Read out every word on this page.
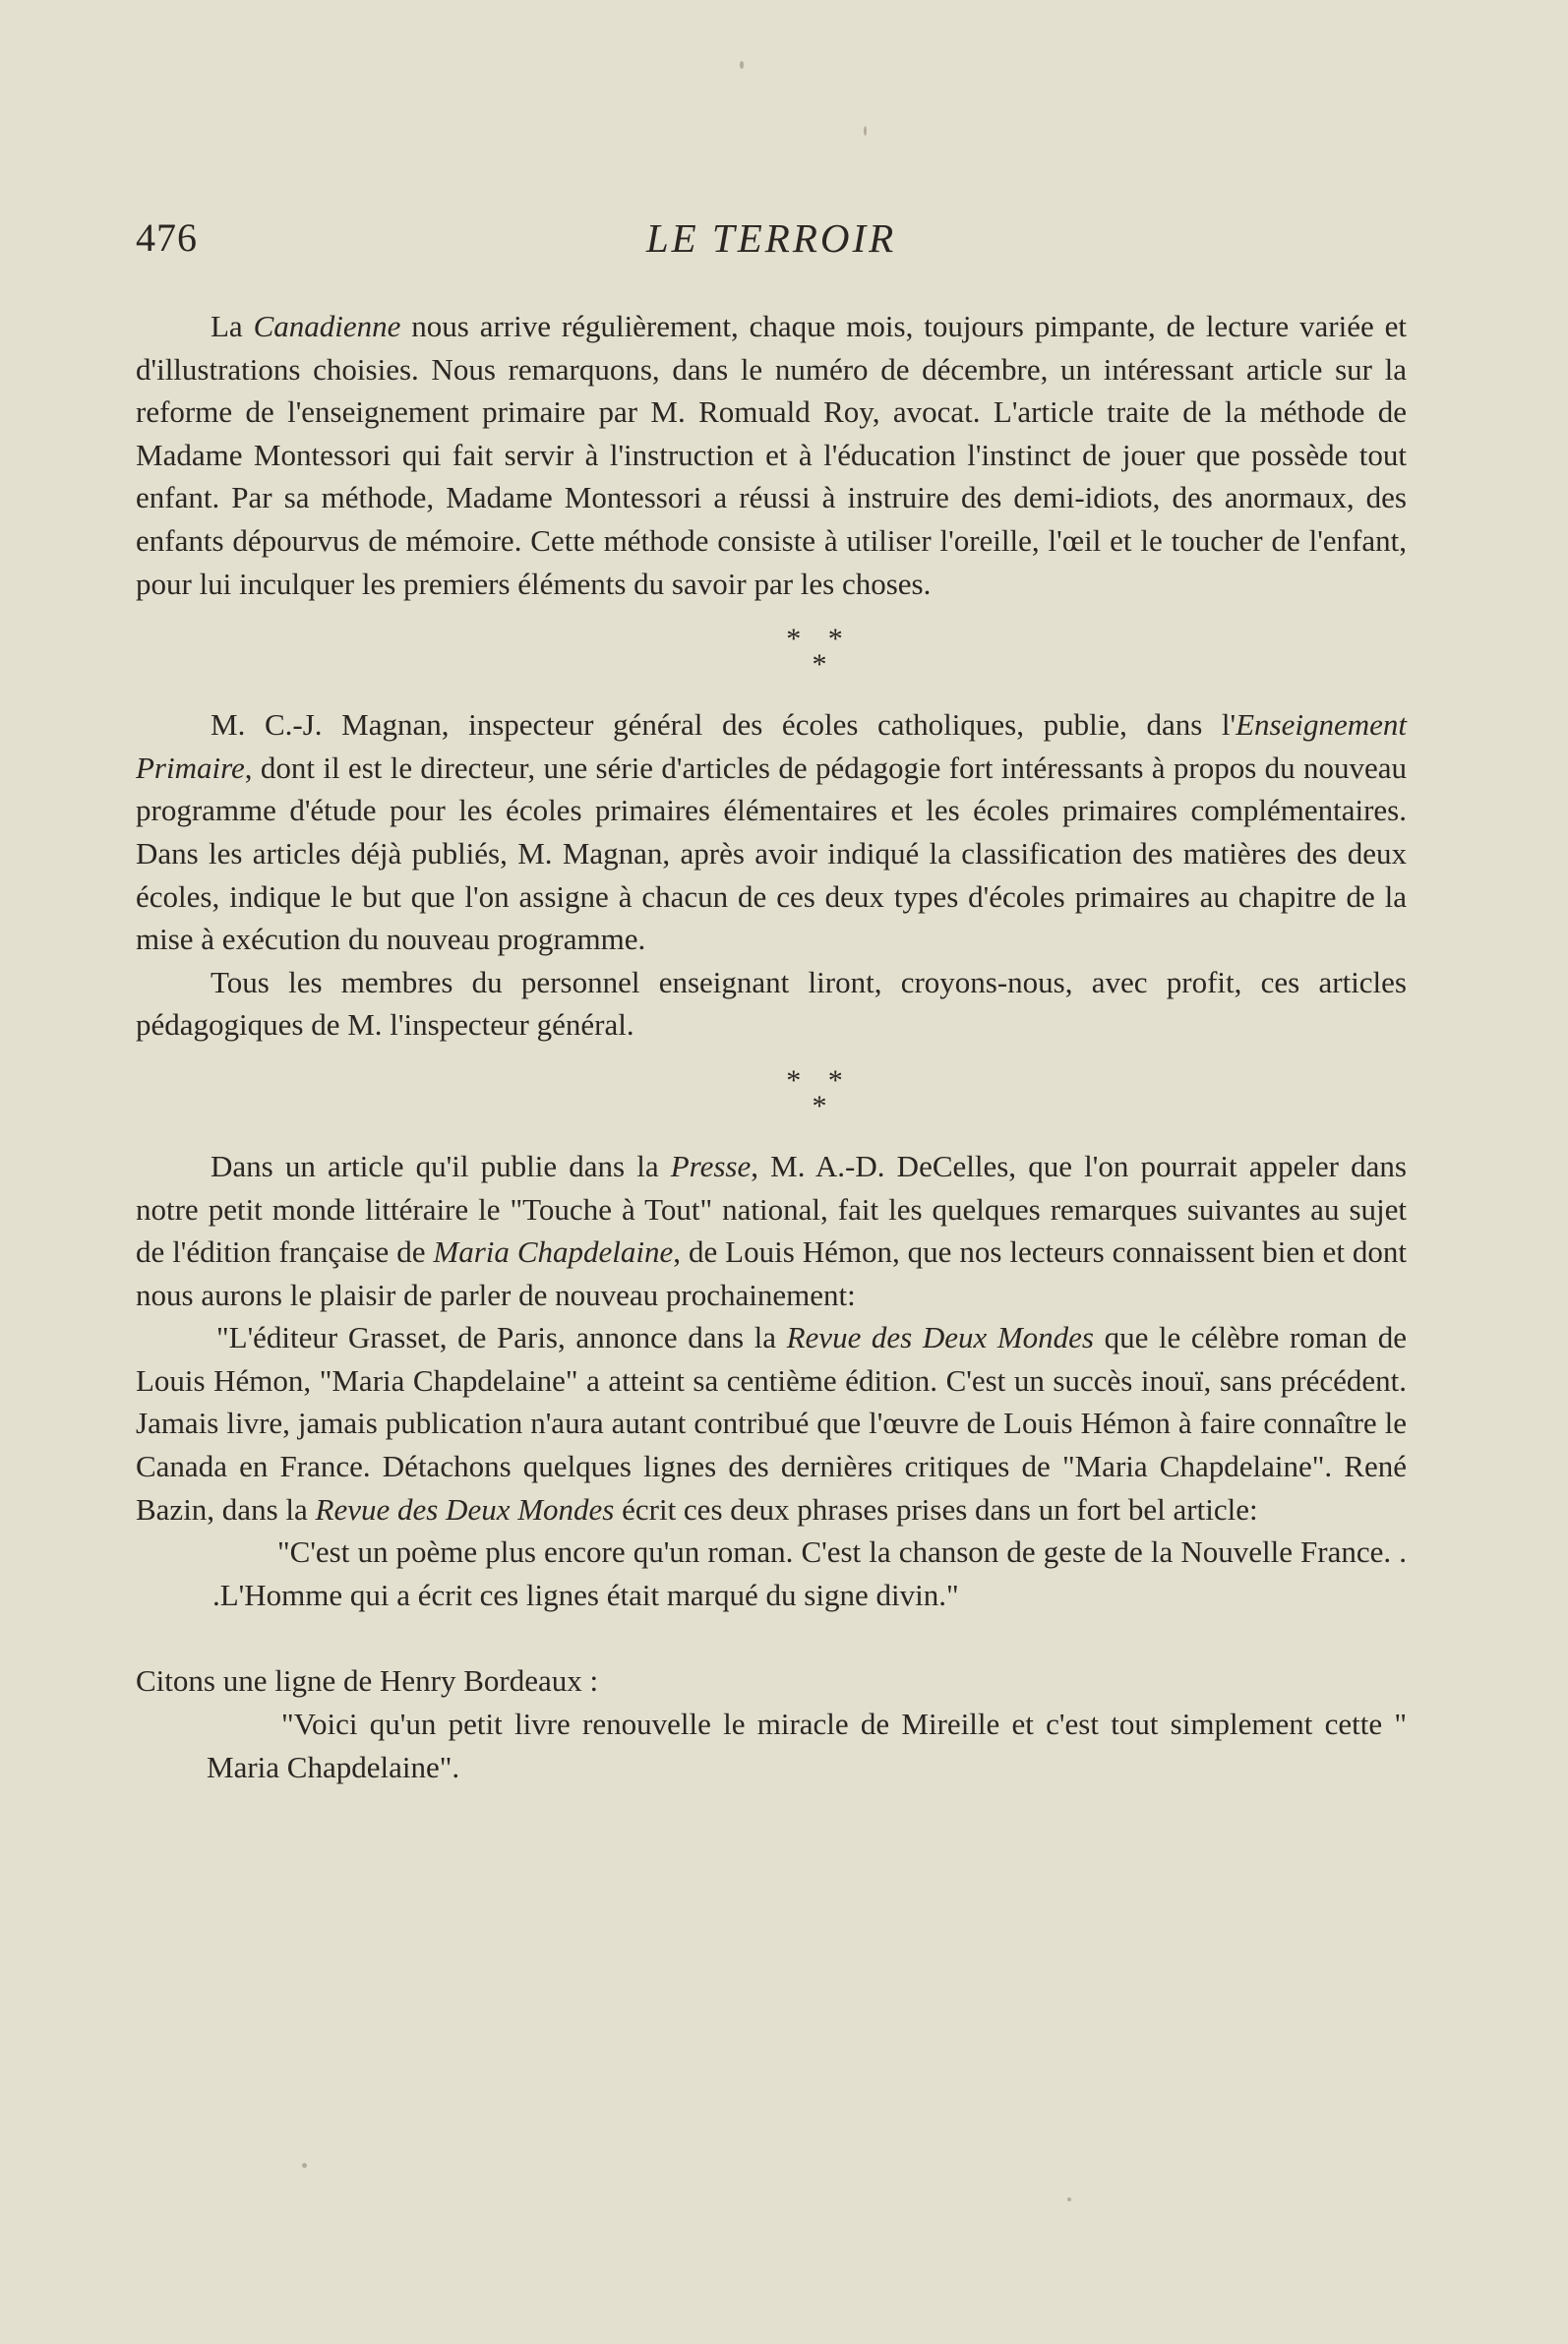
476	LE TERROIR

La Canadienne nous arrive régulièrement, chaque mois, toujours pimpante, de lecture variée et d'illustrations choisies. Nous remarquons, dans le numéro de décembre, un intéressant article sur la reforme de l'enseignement primaire par M. Romuald Roy, avocat. L'article traite de la méthode de Madame Montessori qui fait servir à l'instruction et à l'éducation l'instinct de jouer que possède tout enfant. Par sa méthode, Madame Montessori a réussi à instruire des demi-idiots, des anormaux, des enfants dépourvus de mémoire. Cette méthode consiste à utiliser l'oreille, l'œil et le toucher de l'enfant, pour lui inculquer les premiers éléments du savoir par les choses.

* *
*

M. C.-J. Magnan, inspecteur général des écoles catholiques, publie, dans l'Enseignement Primaire, dont il est le directeur, une série d'articles de pédagogie fort intéressants à propos du nouveau programme d'étude pour les écoles primaires élémentaires et les écoles primaires complémentaires. Dans les articles déjà publiés, M. Magnan, après avoir indiqué la classification des matières des deux écoles, indique le but que l'on assigne à chacun de ces deux types d'écoles primaires au chapitre de la mise à exécution du nouveau programme.

Tous les membres du personnel enseignant liront, croyons-nous, avec profit, ces articles pédagogiques de M. l'inspecteur général.

* *
*

Dans un article qu'il publie dans la Presse, M. A.-D. DeCelles, que l'on pourrait appeler dans notre petit monde littéraire le "Touche à Tout" national, fait les quelques remarques suivantes au sujet de l'édition française de Maria Chapdelaine, de Louis Hémon, que nos lecteurs connaissent bien et dont nous aurons le plaisir de parler de nouveau prochainement:

"L'éditeur Grasset, de Paris, annonce dans la Revue des Deux Mondes que le célèbre roman de Louis Hémon, "Maria Chapdelaine" a atteint sa centième édition. C'est un succès inouï, sans précédent. Jamais livre, jamais publication n'aura autant contribué que l'œuvre de Louis Hémon à faire connaître le Canada en France. Détachons quelques lignes des dernières critiques de "Maria Chapdelaine". René Bazin, dans la Revue des Deux Mondes écrit ces deux phrases prises dans un fort bel article:

"C'est un poème plus encore qu'un roman. C'est la chanson de geste de la Nouvelle France. . .L'Homme qui a écrit ces lignes était marqué du signe divin."

Citons une ligne de Henry Bordeaux :

"Voici qu'un petit livre renouvelle le miracle de Mireille et c'est tout simplement cette " Maria Chapdelaine".
